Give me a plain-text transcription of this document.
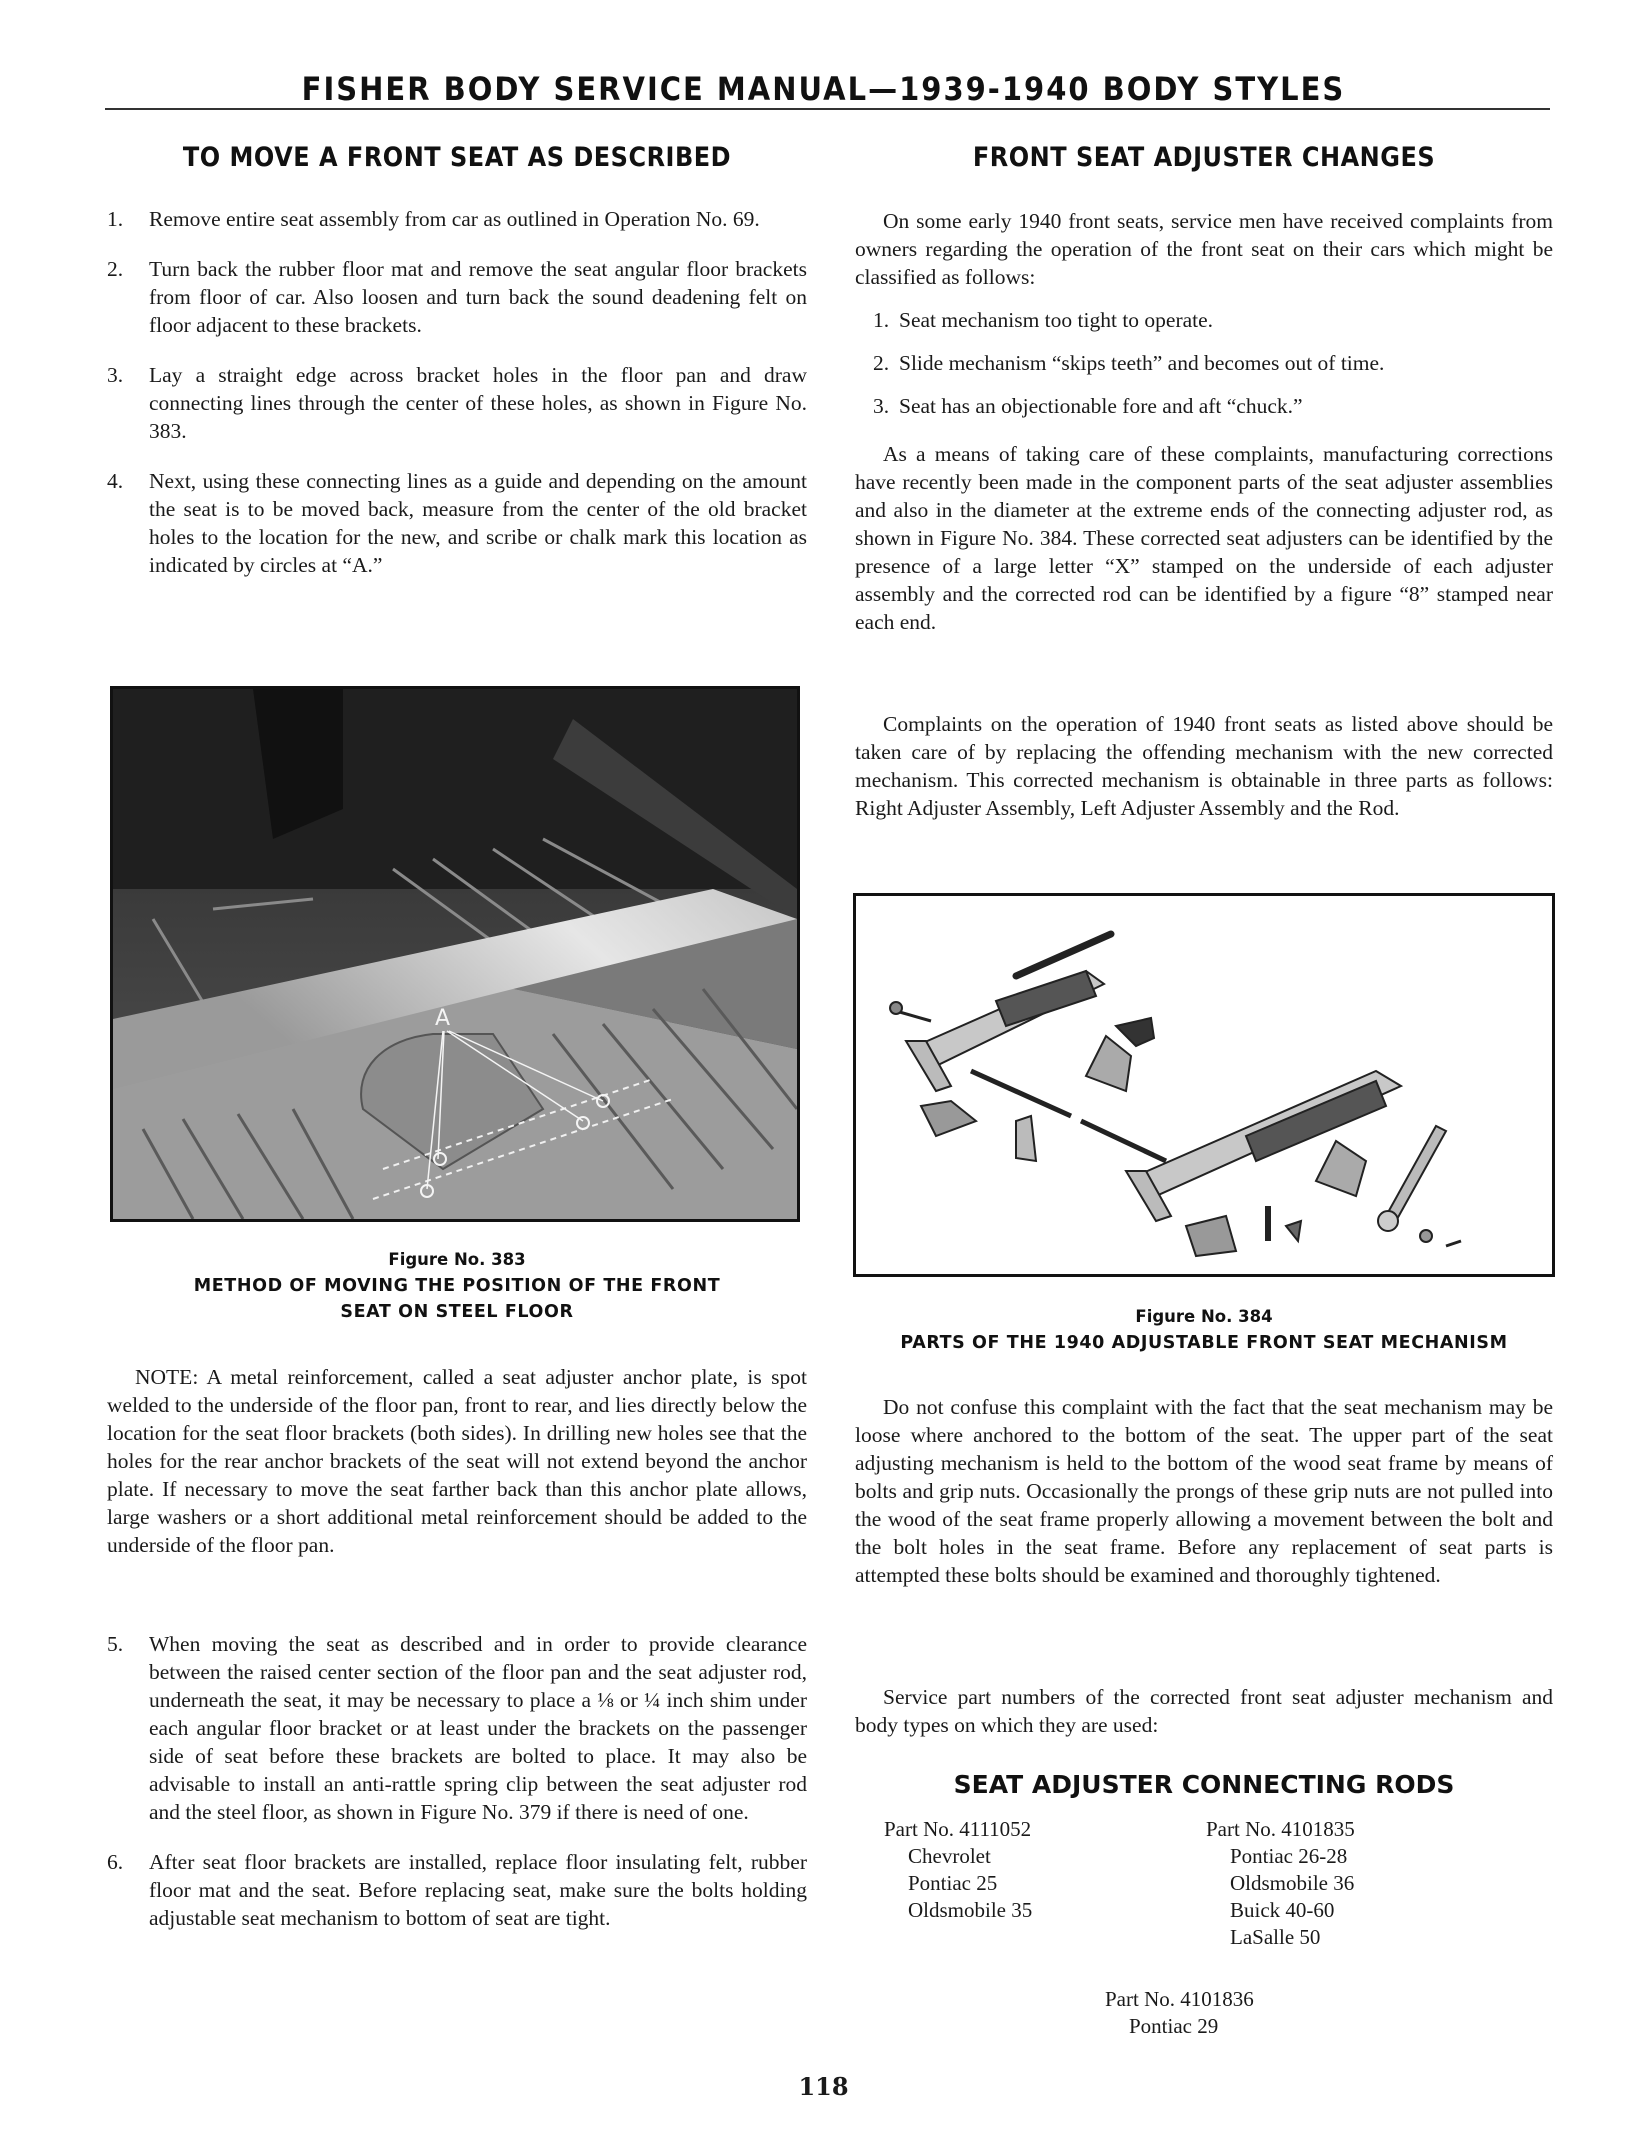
FISHER BODY SERVICE MANUAL—1939-1940 BODY STYLES
TO MOVE A FRONT SEAT AS DESCRIBED
1. Remove entire seat assembly from car as outlined in Operation No. 69.
2. Turn back the rubber floor mat and remove the seat angular floor brackets from floor of car. Also loosen and turn back the sound deadening felt on floor adjacent to these brackets.
3. Lay a straight edge across bracket holes in the floor pan and draw connecting lines through the center of these holes, as shown in Figure No. 383.
4. Next, using these connecting lines as a guide and depending on the amount the seat is to be moved back, measure from the center of the old bracket holes to the location for the new, and scribe or chalk mark this location as indicated by circles at “A.”
A
Figure No. 383
METHOD OF MOVING THE POSITION OF THE FRONT
SEAT ON STEEL FLOOR

NOTE: A metal reinforcement, called a seat adjuster anchor plate, is spot welded to the underside of the floor pan, front to rear, and lies directly below the location for the seat floor brackets (both sides). In drilling new holes see that the holes for the rear anchor brackets of the seat will not extend beyond the anchor plate. If necessary to move the seat farther back than this anchor plate allows, large washers or a short additional metal reinforcement should be added to the underside of the floor pan.

5. When moving the seat as described and in order to provide clearance between the raised center section of the floor pan and the seat adjuster rod, underneath the seat, it may be necessary to place a ⅛ or ¼ inch shim under each angular floor bracket or at least under the brackets on the passenger side of seat before these brackets are bolted to place. It may also be advisable to install an anti-rattle spring clip between the seat adjuster rod and the steel floor, as shown in Figure No. 379 if there is need of one.
6. After seat floor brackets are installed, replace floor insulating felt, rubber floor mat and the seat. Before replacing seat, make sure the bolts holding adjustable seat mechanism to bottom of seat are tight.
FRONT SEAT ADJUSTER CHANGES

On some early 1940 front seats, service men have received complaints from owners regarding the operation of the front seat on their cars which might be classified as follows:

1. Seat mechanism too tight to operate.
2. Slide mechanism “skips teeth” and becomes out of time.
3. Seat has an objectionable fore and aft “chuck.”

As a means of taking care of these complaints, manufacturing corrections have recently been made in the component parts of the seat adjuster assemblies and also in the diameter at the extreme ends of the connecting adjuster rod, as shown in Figure No. 384. These corrected seat adjusters can be identified by the presence of a large letter “X” stamped on the underside of each adjuster assembly and the corrected rod can be identified by a figure “8” stamped near each end.

Complaints on the operation of 1940 front seats as listed above should be taken care of by replacing the offending mechanism with the new corrected mechanism. This corrected mechanism is obtainable in three parts as follows: Right Adjuster Assembly, Left Adjuster Assembly and the Rod.

Figure No. 384
PARTS OF THE 1940 ADJUSTABLE FRONT SEAT MECHANISM

Do not confuse this complaint with the fact that the seat mechanism may be loose where anchored to the bottom of the seat. The upper part of the seat adjusting mechanism is held to the bottom of the wood seat frame by means of bolts and grip nuts. Occasionally the prongs of these grip nuts are not pulled into the wood of the seat frame properly allowing a movement between the bolt and the bolt holes in the seat frame. Before any replacement of seat parts is attempted these bolts should be examined and thoroughly tightened.

Service part numbers of the corrected front seat adjuster mechanism and body types on which they are used:

SEAT ADJUSTER CONNECTING RODS
Part No. 4111052
Chevrolet
Pontiac 25
Oldsmobile 35
Part No. 4101835
Pontiac 26-28
Oldsmobile 36
Buick 40-60
LaSalle 50
Part No. 4101836
Pontiac 29
118
